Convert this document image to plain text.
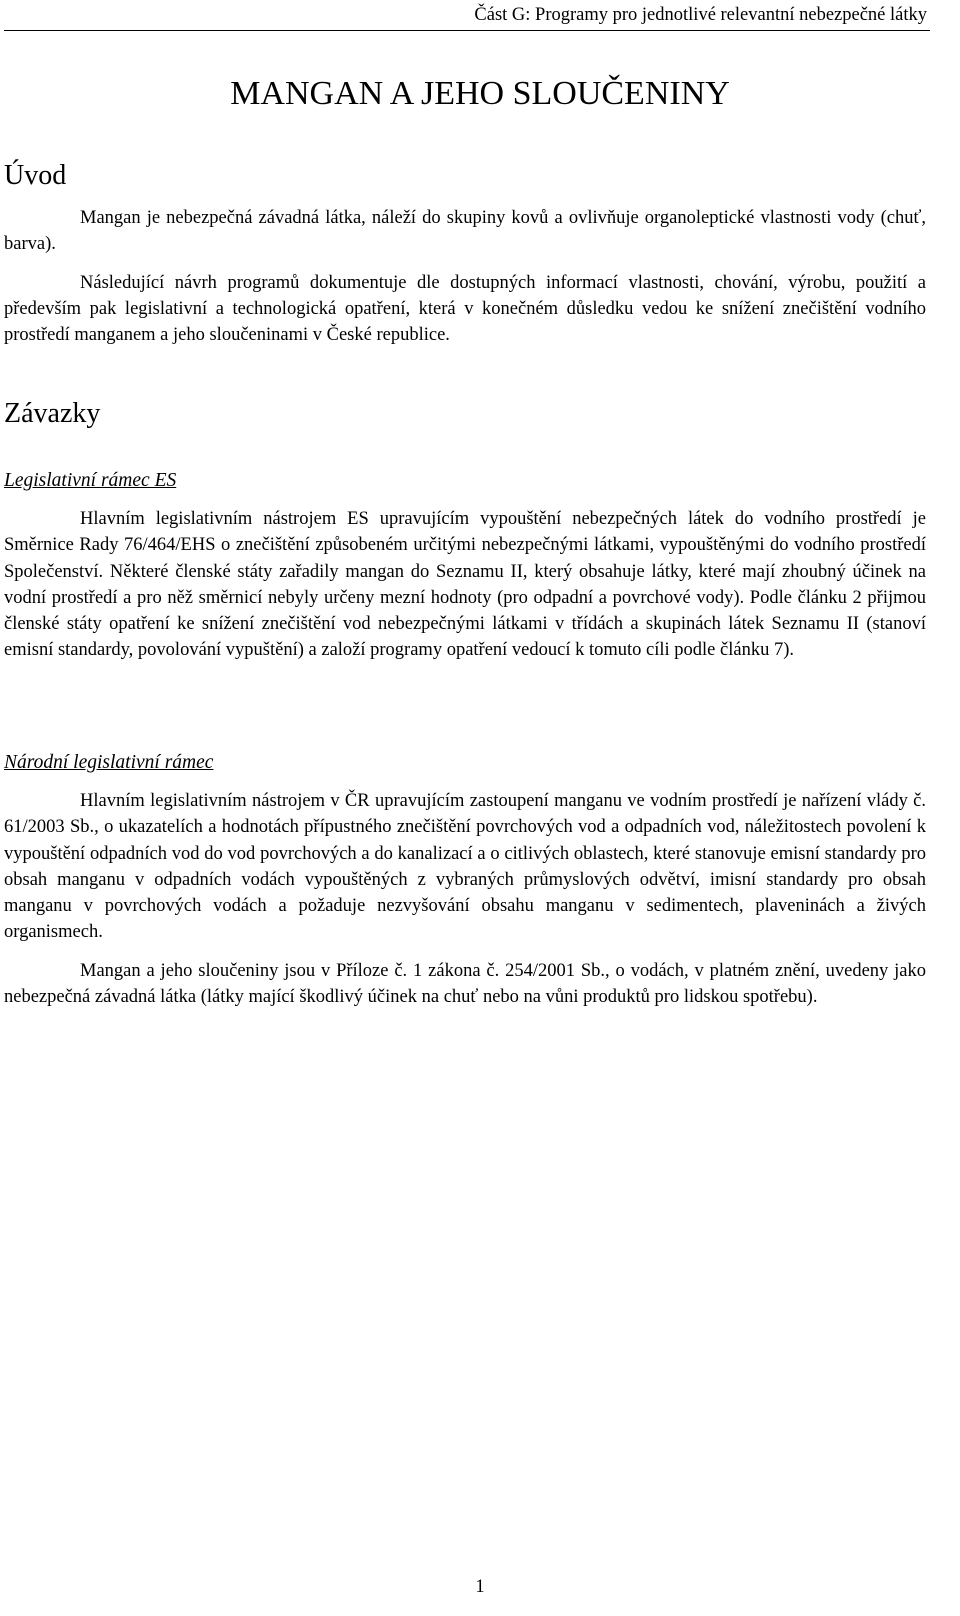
Část G: Programy pro jednotlivé relevantní nebezpečné látky
MANGAN A JEHO SLOUČENINY
Úvod

Mangan je nebezpečná závadná látka, náleží do skupiny kovů a ovlivňuje organoleptické vlastnosti vody (chuť, barva).

Následující návrh programů dokumentuje dle dostupných informací vlastnosti, chování, výrobu, použití a především pak legislativní a technologická opatření, která v konečném důsledku vedou ke snížení znečištění vodního prostředí manganem a jeho sloučeninami v České republice.

Závazky
Legislativní rámec ES

Hlavním legislativním nástrojem ES upravujícím vypouštění nebezpečných látek do vodního prostředí je Směrnice Rady 76/464/EHS o znečištění způsobeném určitými nebezpečnými látkami, vypouštěnými do vodního prostředí Společenství. Některé členské státy zařadily mangan do Seznamu II, který obsahuje látky, které mají zhoubný účinek na vodní prostředí a pro něž směrnicí nebyly určeny mezní hodnoty (pro odpadní a povrchové vody). Podle článku 2 přijmou členské státy opatření ke snížení znečištění vod nebezpečnými látkami v třídách a skupinách látek Seznamu II (stanoví emisní standardy, povolování vypuštění) a založí programy opatření vedoucí k tomuto cíli podle článku 7).

Národní legislativní rámec

Hlavním legislativním nástrojem v ČR upravujícím zastoupení manganu ve vodním prostředí je nařízení vlády č. 61/2003 Sb., o ukazatelích a hodnotách přípustného znečištění povrchových vod a odpadních vod, náležitostech povolení k vypouštění odpadních vod do vod povrchových a do kanalizací a o citlivých oblastech, které stanovuje emisní standardy pro obsah manganu v odpadních vodách vypouštěných z vybraných průmyslových odvětví, imisní standardy pro obsah manganu v povrchových vodách a požaduje nezvyšování obsahu manganu v sedimentech, plaveninách a živých organismech.

Mangan a jeho sloučeniny jsou v Příloze č. 1 zákona č. 254/2001 Sb., o vodách, v platném znění, uvedeny jako nebezpečná závadná látka (látky mající škodlivý účinek na chuť nebo na vůni produktů pro lidskou spotřebu).

1
